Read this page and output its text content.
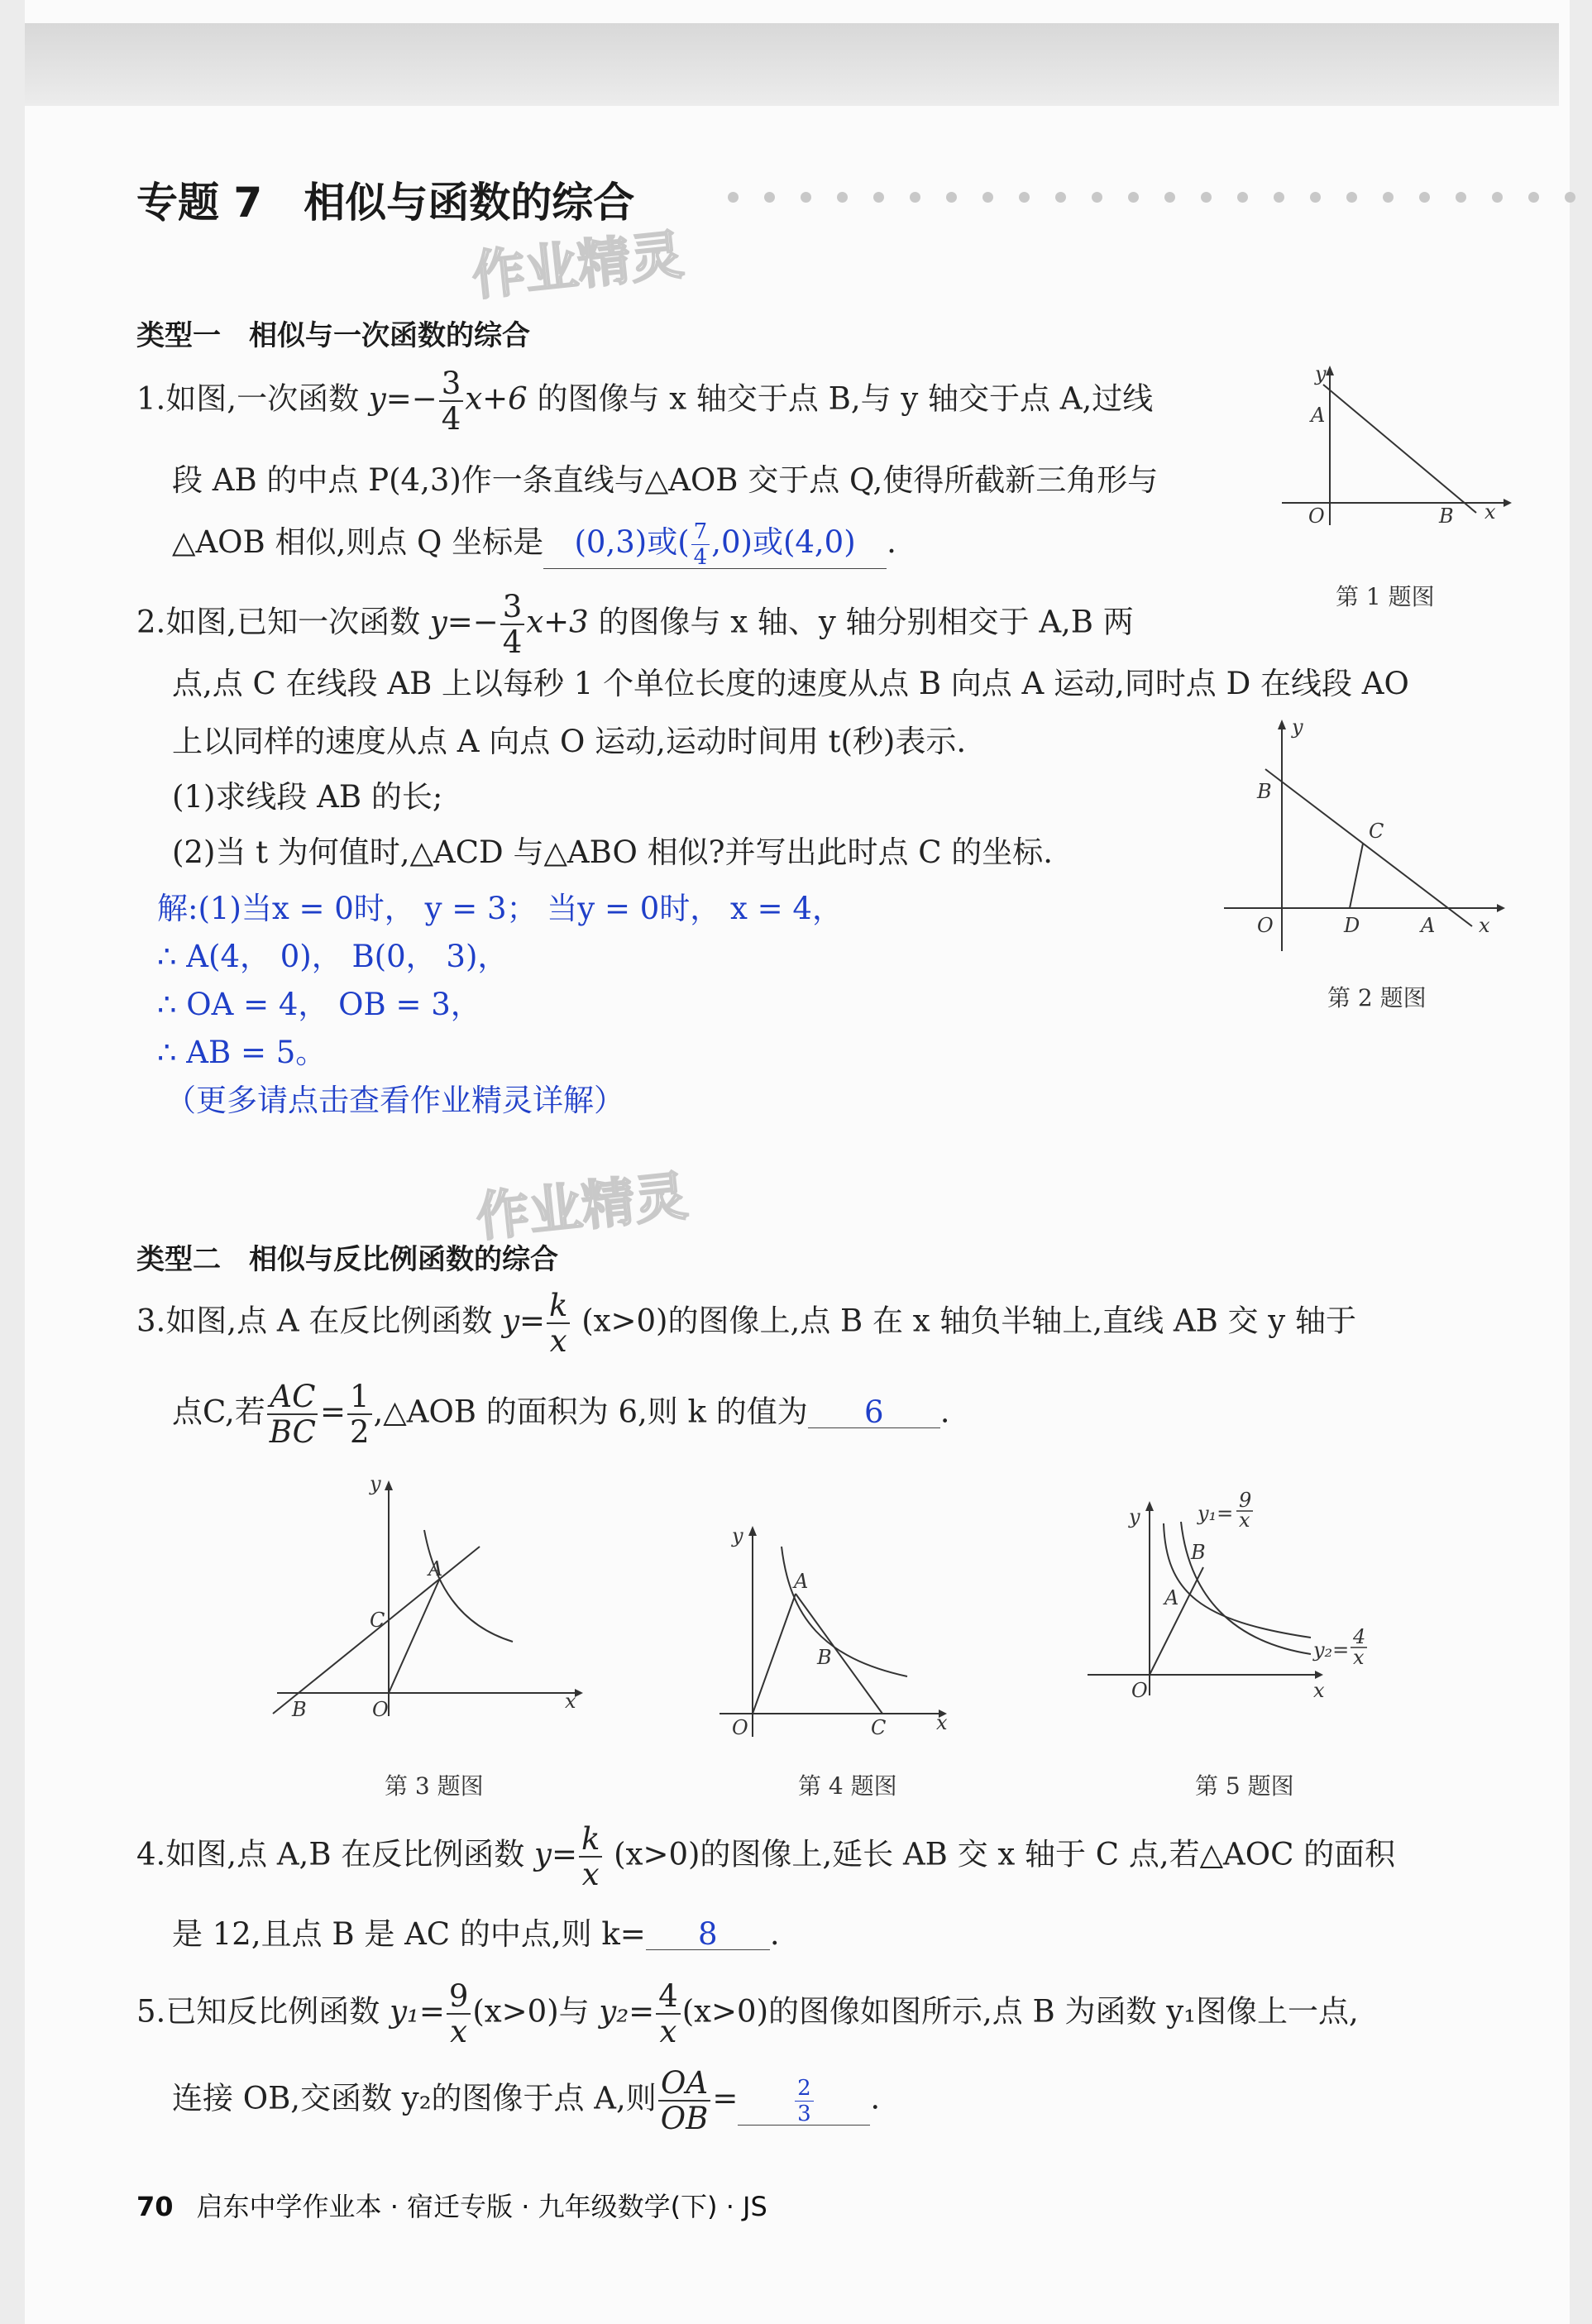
专题 7　相似与函数的综合
作业精灵
作业精灵
类型一　相似与一次函数的综合
1.如图,一次函数 $y=- \frac{3}{4} x+6$ 的图像与 x 轴交于点 B,与 y 轴交于点 A,过线
段 AB 的中点 P(4,3)作一条直线与△AOB 交于点 Q,使得所截新三角形与
△AOB 相似,则点 Q 坐标是 (0,3)或( $\frac{7}{4} ,0$)或(4,0) .
y
A
O	B x
第 1 题图
2.如图,已知一次函数 $y=- \frac{3}{4} x+3$ 的图像与 x 轴、y 轴分别相交于 A,B 两
点,点 C 在线段 AB 上以每秒 1 个单位长度的速度从点 B 向点 A 运动,同时点 D 在线段 AO
上以同样的速度从点 A 向点 O 运动,运动时间用 t(秒)表示.
(1)求线段 AB 的长;
(2)当 t 为何值时,△ACD 与△ABO 相似?并写出此时点 C 的坐标.
解:(1)当x = 0时， y = 3； 当y = 0时， x = 4，
∴ A(4， 0)， B(0， 3)，
∴ OA = 4， OB = 3，
∴ AB = 5。
（更多请点击查看作业精灵详解）
y
B
C
O	D	A x
第 2 题图
类型二　相似与反比例函数的综合
3.如图,点 A 在反比例函数 $y= \frac{k}{x} (x>0)$的图像上,点 B 在 x 轴负半轴上,直线 AB 交 y 轴于
点C,若 $\frac{AC}{BC} = \frac{1}{2}$ ,△AOB 的面积为 6,则 k 的值为 6 .
y
A
C
B	O	x
第 3 题图
y
A
B
O	C	x
第 4 题图
y
B
A
O	x
y₁=
9
x
y₂=
4
x
第 5 题图
4.如图,点 A,B 在反比例函数 $y= \frac{k}{x} (x>0)$的图像上,延长 AB 交 x 轴于 C 点,若△AOC 的面积
是 12,且点 B 是 AC 的中点,则 k= 8 .
5.已知反比例函数 $y_1= \frac{9}{x} (x>0)$与 $y_2= \frac{4}{x} (x>0)$的图像如图所示,点 B 为函数 y₁图像上一点,
连接 OB,交函数 y₂的图像于点 A,则 $\frac{OA}{OB}$ =	$\frac{2}{3}$ .
70 启东中学作业本 · 宿迁专版 · 九年级数学(下) · JS
